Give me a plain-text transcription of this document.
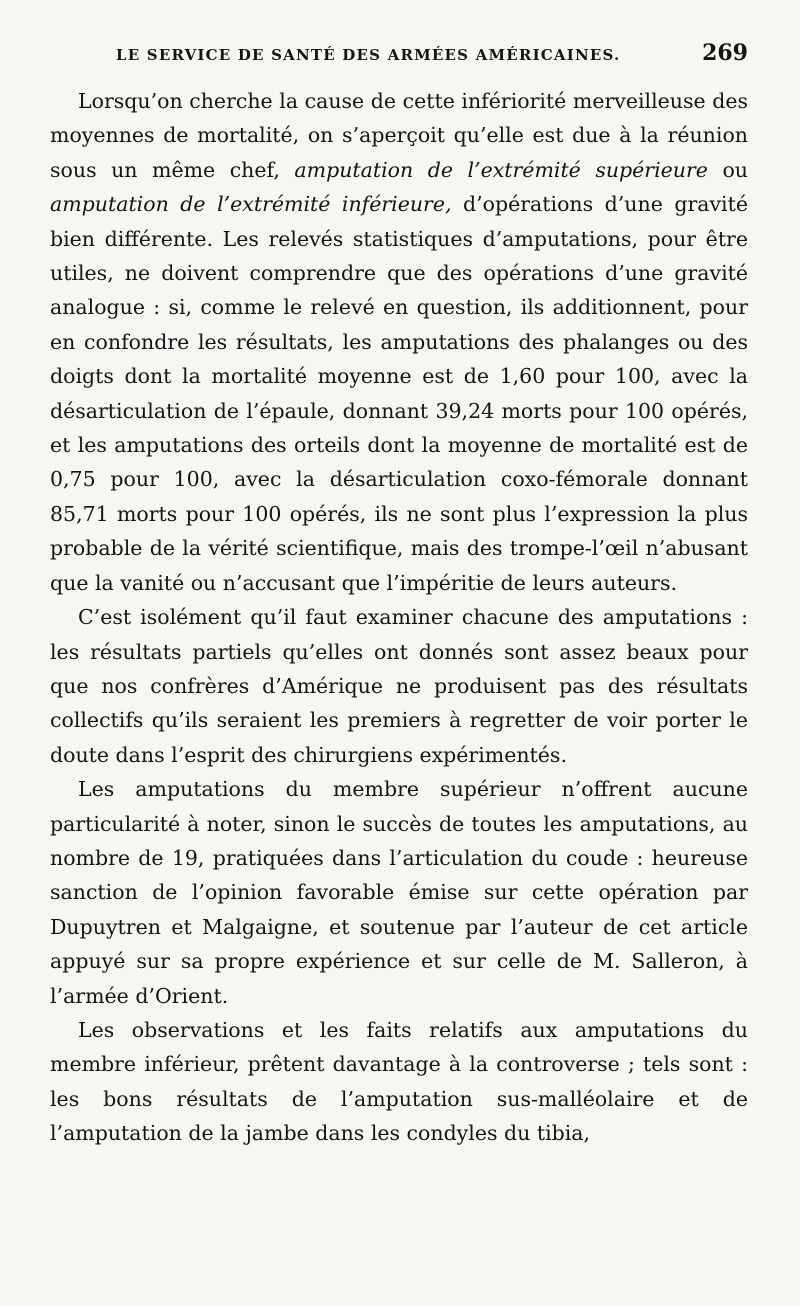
LE SERVICE DE SANTÉ DES ARMÉES AMÉRICAINES.	269

Lorsqu’on cherche la cause de cette infériorité merveilleuse des moyennes de mortalité, on s’aperçoit qu’elle est due à la réunion sous un même chef, amputation de l’extrémité supérieure ou amputation de l’extrémité inférieure, d’opérations d’une gravité bien différente. Les relevés statistiques d’amputations, pour être utiles, ne doivent comprendre que des opérations d’une gravité analogue : si, comme le relevé en question, ils additionnent, pour en confondre les résultats, les amputations des phalanges ou des doigts dont la mortalité moyenne est de 1,60 pour 100, avec la désarticulation de l’épaule, donnant 39,24 morts pour 100 opérés, et les amputations des orteils dont la moyenne de mortalité est de 0,75 pour 100, avec la désarticulation coxo-fémorale donnant 85,71 morts pour 100 opérés, ils ne sont plus l’expression la plus probable de la vérité scientifique, mais des trompe-l’œil n’abusant que la vanité ou n’accusant que l’impéritie de leurs auteurs.

C’est isolément qu’il faut examiner chacune des amputations : les résultats partiels qu’elles ont donnés sont assez beaux pour que nos confrères d’Amérique ne produisent pas des résultats collectifs qu’ils seraient les premiers à regretter de voir porter le doute dans l’esprit des chirurgiens expérimentés.

Les amputations du membre supérieur n’offrent aucune particularité à noter, sinon le succès de toutes les amputations, au nombre de 19, pratiquées dans l’articulation du coude : heureuse sanction de l’opinion favorable émise sur cette opération par Dupuytren et Malgaigne, et soutenue par l’auteur de cet article appuyé sur sa propre expérience et sur celle de M. Salleron, à l’armée d’Orient.

Les observations et les faits relatifs aux amputations du membre inférieur, prêtent davantage à la controverse ; tels sont : les bons résultats de l’amputation sus-malléolaire et de l’amputation de la jambe dans les condyles du tibia,
